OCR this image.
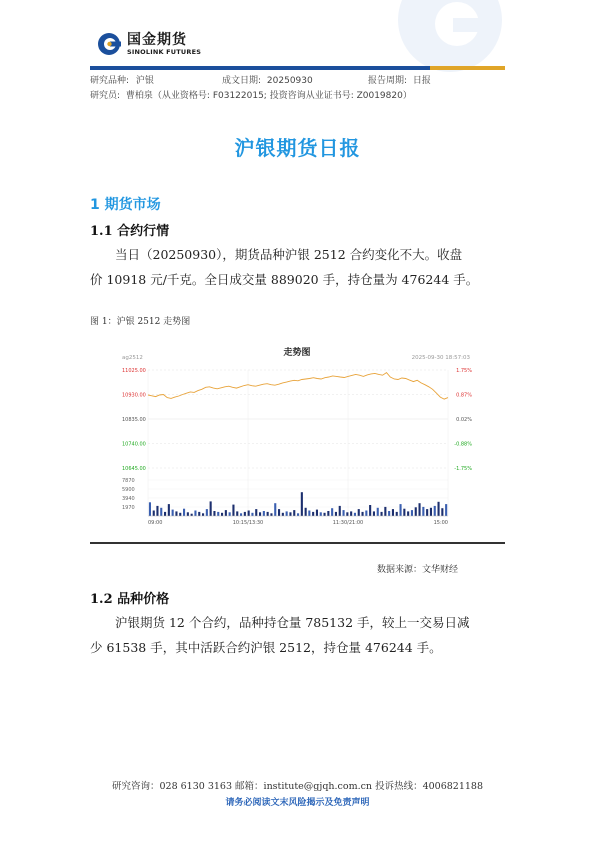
国金期货
SINOLINK FUTURES
研究品种: 沪银	成文日期: 20250930	报告周期: 日报
研究员: 曹柏泉（从业资格号: F03122015; 投资咨询从业证书号: Z0019820）
沪银期货日报
1 期货市场
1.1 合约行情
当日（20250930），期货品种沪银 2512 合约变化不大。收盘
价 10918 元/千克。全日成交量 889020 手，持仓量为 476244 手。
图 1：沪银 2512 走势图
走势图
ag2512	2025-09-30 18:57:03
11025.00	1.75%
10930.00	0.87%
10835.00	0.02%
10740.00	-0.88%
10645.00	-1.75%
7870
5900
3940
1970
09:00	10:15/13:30	11:30/21:00	15:00
数据来源：文华财经
1.2 品种价格
沪银期货 12 个合约，品种持仓量 785132 手，较上一交易日减
少 61538 手，其中活跃合约沪银 2512，持仓量 476244 手。
研究咨询：028 6130 3163 邮箱：institute@gjqh.com.cn 投诉热线：4006821188
请务必阅读文末风险揭示及免责声明
